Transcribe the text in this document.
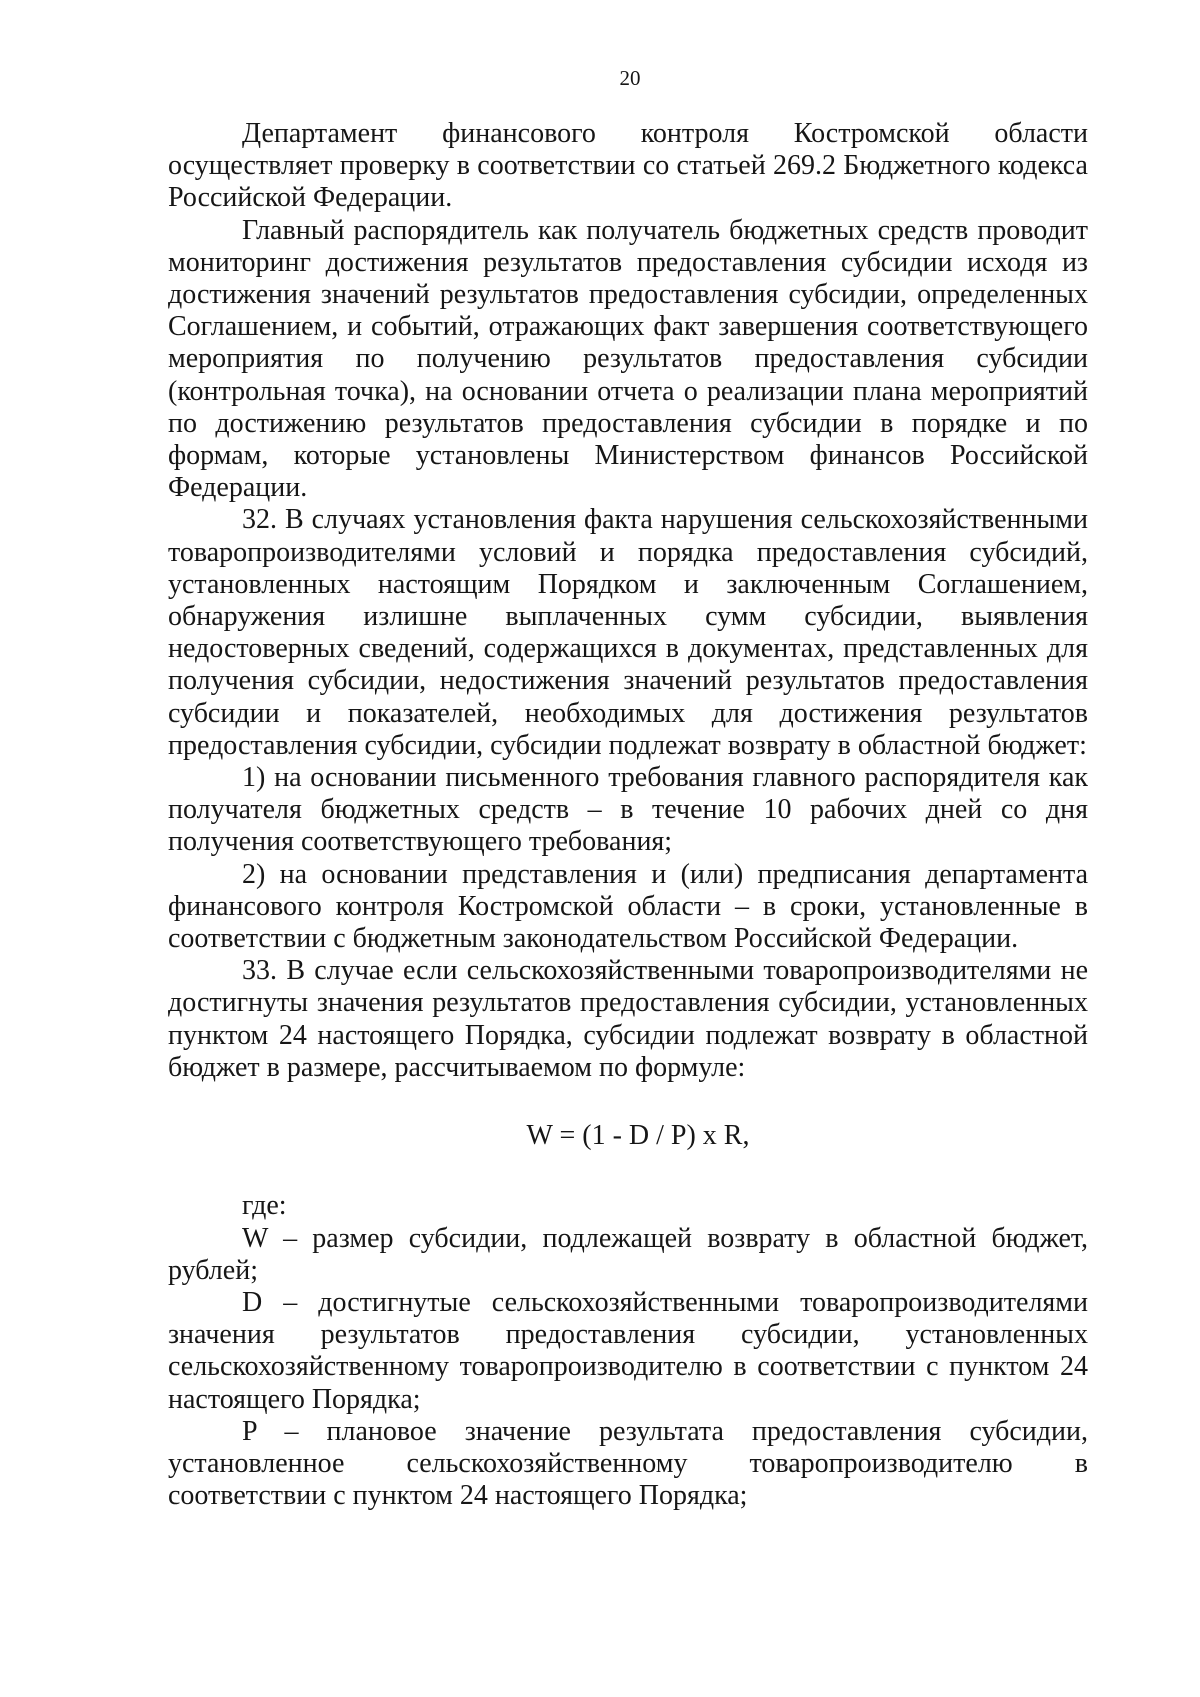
20

Департамент финансового контроля Костромской области осуществляет проверку в соответствии со статьей 269.2 Бюджетного кодекса Российской Федерации.

Главный распорядитель как получатель бюджетных средств проводит мониторинг достижения результатов предоставления субсидии исходя из достижения значений результатов предоставления субсидии, определенных Соглашением, и событий, отражающих факт завершения соответствующего мероприятия по получению результатов предоставления субсидии (контрольная точка), на основании отчета о реализации плана мероприятий по достижению результатов предоставления субсидии в порядке и по формам, которые установлены Министерством финансов Российской Федерации.

32. В случаях установления факта нарушения сельскохозяйственными товаропроизводителями условий и порядка предоставления субсидий, установленных настоящим Порядком и заключенным Соглашением, обнаружения излишне выплаченных сумм субсидии, выявления недостоверных сведений, содержащихся в документах, представленных для получения субсидии, недостижения значений результатов предоставления субсидии и показателей, необходимых для достижения результатов предоставления субсидии, субсидии подлежат возврату в областной бюджет:

1) на основании письменного требования главного распорядителя как получателя бюджетных средств – в течение 10 рабочих дней со дня получения соответствующего требования;

2) на основании представления и (или) предписания департамента финансового контроля Костромской области – в сроки, установленные в соответствии с бюджетным законодательством Российской Федерации.

33. В случае если сельскохозяйственными товаропроизводителями не достигнуты значения результатов предоставления субсидии, установленных пунктом 24 настоящего Порядка, субсидии подлежат возврату в областной бюджет в размере, рассчитываемом по формуле:

W = (1 - D / P) x R,

где:

W – размер субсидии, подлежащей возврату в областной бюджет, рублей;

D – достигнутые сельскохозяйственными товаропроизводителями значения результатов предоставления субсидии, установленных сельскохозяйственному товаропроизводителю в соответствии с пунктом 24 настоящего Порядка;

P – плановое значение результата предоставления субсидии, установленное сельскохозяйственному товаропроизводителю в соответствии с пунктом 24 настоящего Порядка;
